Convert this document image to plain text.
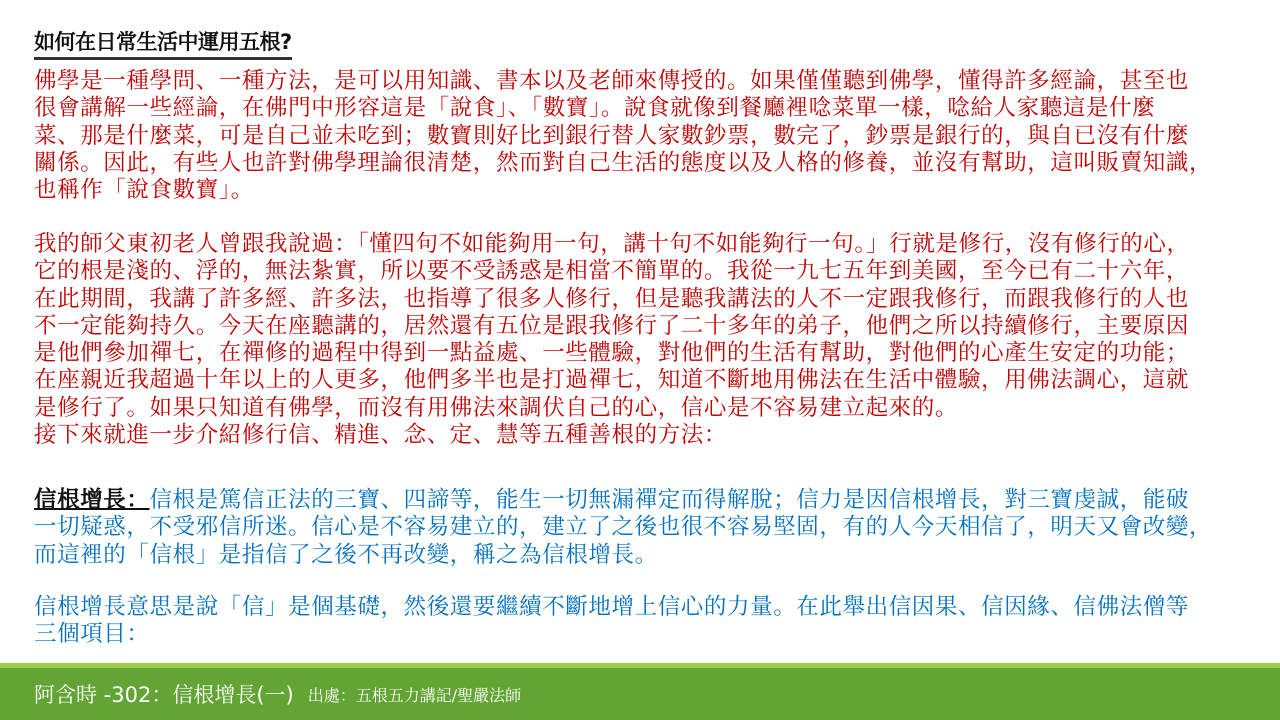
如何在日常生活中運用五根?
佛學是一種學問、一種方法，是可以用知識、書本以及老師來傳授的。如果僅僅聽到佛學，懂得許多經論，甚至也
很會講解一些經論，在佛門中形容這是「說食」、「數寶」。說食就像到餐廳裡唸菜單一樣，唸給人家聽這是什麼
菜、那是什麼菜，可是自己並未吃到；數寶則好比到銀行替人家數鈔票，數完了，鈔票是銀行的，與自已沒有什麼
關係。因此，有些人也許對佛學理論很清楚，然而對自己生活的態度以及人格的修養，並沒有幫助，這叫販賣知識，
也稱作「說食數寶」。
我的師父東初老人曾跟我說過：「懂四句不如能夠用一句，講十句不如能夠行一句。」行就是修行，沒有修行的心，
它的根是淺的、浮的，無法紮實，所以要不受誘惑是相當不簡單的。我從一九七五年到美國，至今已有二十六年，
在此期間，我講了許多經、許多法，也指導了很多人修行，但是聽我講法的人不一定跟我修行，而跟我修行的人也
不一定能夠持久。今天在座聽講的，居然還有五位是跟我修行了二十多年的弟子，他們之所以持續修行，主要原因
是他們參加禪七，在禪修的過程中得到一點益處、一些體驗，對他們的生活有幫助，對他們的心產生安定的功能；
在座親近我超過十年以上的人更多，他們多半也是打過禪七，知道不斷地用佛法在生活中體驗，用佛法調心，這就
是修行了。如果只知道有佛學，而沒有用佛法來調伏自己的心，信心是不容易建立起來的。
接下來就進一步介紹修行信、精進、念、定、慧等五種善根的方法：
信根增長：信根是篤信正法的三寶、四諦等，能生一切無漏禪定而得解脫；信力是因信根增長，對三寶虔誠，能破
一切疑惑，不受邪信所迷。信心是不容易建立的，建立了之後也很不容易堅固，有的人今天相信了，明天又會改變，
而這裡的「信根」是指信了之後不再改變，稱之為信根增長。
信根增長意思是說「信」是個基礎，然後還要繼續不斷地增上信心的力量。在此舉出信因果、信因緣、信佛法僧等
三個項目：
阿含時 -302：信根增長(一) 出處：五根五力講記/聖嚴法師
